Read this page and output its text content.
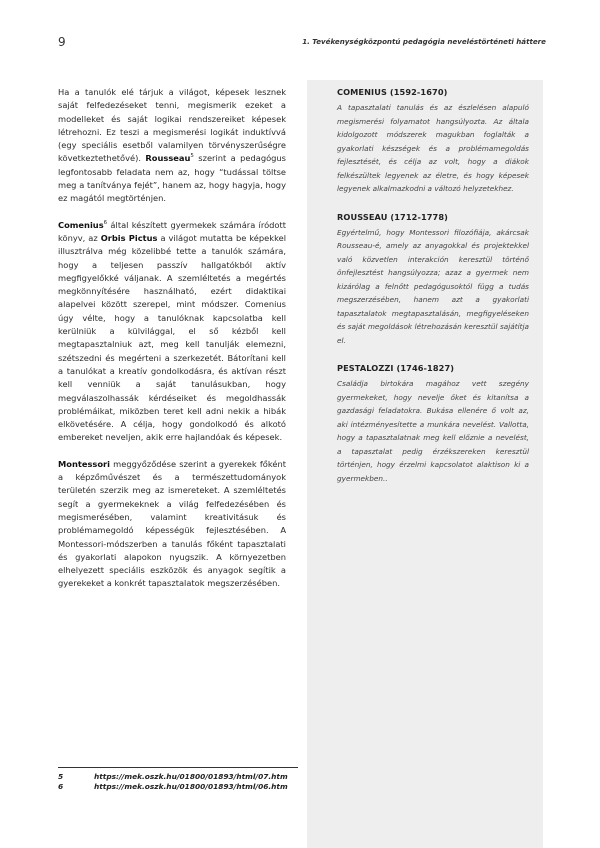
9	1. Tevékenységközpontú pedagógia neveléstörténeti háttere

Ha a tanulók elé tárjuk a világot, képesek lesznek saját felfedezéseket tenni, megismerik ezeket a modelleket és saját logikai rendszereiket képesek létrehozni. Ez teszi a megismerési logikát induktívvá (egy speciális esetből valamilyen törvényszerűségre következtethetővé). Rousseau$^5$ szerint a pedagógus legfontosabb feladata nem az, hogy “tudással töltse meg a tanítványa fejét”, hanem az, hogy hagyja, hogy ez magától megtörténjen.

Comenius$^6$ által készített gyermekek számára íródott könyv, az Orbis Pictus a világot mutatta be képekkel illusztrálva még közelibbé tette a tanulók számára, hogy a teljesen passzív hallgatókból aktív megfigyelőkké váljanak. A szemléltetés a megértés megkönnyítésére használható, ezért didaktikai alapelvei között szerepel, mint módszer. Comenius úgy vélte, hogy a tanulóknak kapcsolatba kell kerülniük a külvilággal, el ső kézből kell megtapasztalniuk azt, meg kell tanulják elemezni, szétszedni és megérteni a szerkezetét. Bátorítani kell a tanulókat a kreatív gondolkodásra, és aktívan részt kell venniük a saját tanulásukban, hogy megválaszolhassák kérdéseiket és megoldhassák problémáikat, miközben teret kell adni nekik a hibák elkövetésére. A célja, hogy gondolkodó és alkotó embereket neveljen, akik erre hajlandóak és képesek.

Montessori meggyőződése szerint a gyerekek főként a képzőművészet és a természettudományok területén szerzik meg az ismereteket. A szemléltetés segít a gyermekeknek a világ felfedezésében és megismerésében, valamint kreativitásuk és problémamegoldó képességük fejlesztésében. A Montessori-módszerben a tanulás főként tapasztalati és gyakorlati alapokon nyugszik. A környezetben elhelyezett speciális eszközök és anyagok segítik a gyerekeket a konkrét tapasztalatok megszerzésében.

COMENIUS (1592-1670)

A tapasztalati tanulás és az észlelésen alapuló megismerési folyamatot hangsúlyozta. Az általa kidolgozott módszerek magukban foglalták a gyakorlati készségek és a problémamegoldás fejlesztését, és célja az volt, hogy a diákok felkészültek legyenek az életre, és hogy képesek legyenek alkalmazkodni a változó helyzetekhez.

ROUSSEAU (1712-1778)

Egyértelmű, hogy Montessori filozófiája, akárcsak Rousseau-é, amely az anyagokkal és projektekkel való közvetlen interakción keresztül történő önfejlesztést hangsúlyozza; azaz a gyermek nem kizárólag a felnőtt pedagógusoktól függ a tudás megszerzésében, hanem azt a gyakorlati tapasztalatok megtapasztalásán, megfigyeléseken és saját megoldások létrehozásán keresztül sajátítja el.

PESTALOZZI (1746-1827)

Családja birtokára magához vett szegény gyermekeket, hogy nevelje őket és kitanítsa a gazdasági feladatokra. Bukása ellenére ő volt az, aki intézményesítette a munkára nevelést. Vallotta, hogy a tapasztalatnak meg kell előznie a nevelést, a tapasztalat pedig érzékszereken keresztül történjen, hogy érzelmi kapcsolatot alaktison ki a gyermekben..

5	https://mek.oszk.hu/01800/01893/html/07.htm
6	https://mek.oszk.hu/01800/01893/html/06.htm
